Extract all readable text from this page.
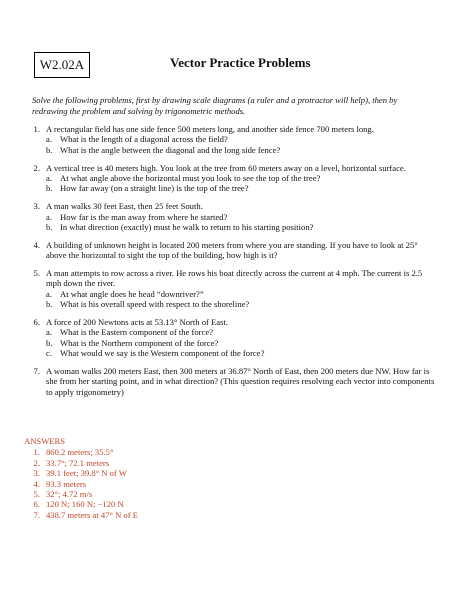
W2.02A	Vector Practice Problems
Solve the following problems, first by drawing scale diagrams (a ruler and a protractor will help), then by redrawing the problem and solving by trigonometric methods.
1. A rectangular field has one side fence 500 meters long, and another side fence 700 meters long.
a. What is the length of a diagonal across the field?
b. What is the angle between the diagonal and the long side fence?
2. A vertical tree is 40 meters high. You look at the tree from 60 meters away on a level, horizontal surface.
a. At what angle above the horizontal must you look to see the top of the tree?
b. How far away (on a straight line) is the top of the tree?
3. A man walks 30 feet East, then 25 feet South.
a. How far is the man away from where he started?
b. In what direction (exactly) must he walk to return to his starting position?
4. A building of unknown height is located 200 meters from where you are standing. If you have to look at 25° above the horizontal to sight the top of the building, how high is it?
5. A man attempts to row across a river. He rows his boat directly across the current at 4 mph. The current is 2.5 mph down the river.
a. At what angle does he head “downriver?”
b. What is his overall speed with respect to the shoreline?
6. A force of 200 Newtons acts at 53.13° North of East.
a. What is the Eastern component of the force?
b. What is the Northern component of the force?
c. What would we say is the Western component of the force?
7. A woman walks 200 meters East, then 300 meters at 36.87° North of East, then 200 meters due NW. How far is she from her starting point, and in what direction? (This question requires resolving each vector into components to apply trigonometry)
ANSWERS
1. 860.2 meters; 35.5°
2. 33.7°; 72.1 meters
3. 39.1 feet; 39.8° N of W
4. 93.3 meters
5. 32°; 4.72 m/s
6. 120 N; 160 N; −120 N
7. 438.7 meters at 47° N of E
